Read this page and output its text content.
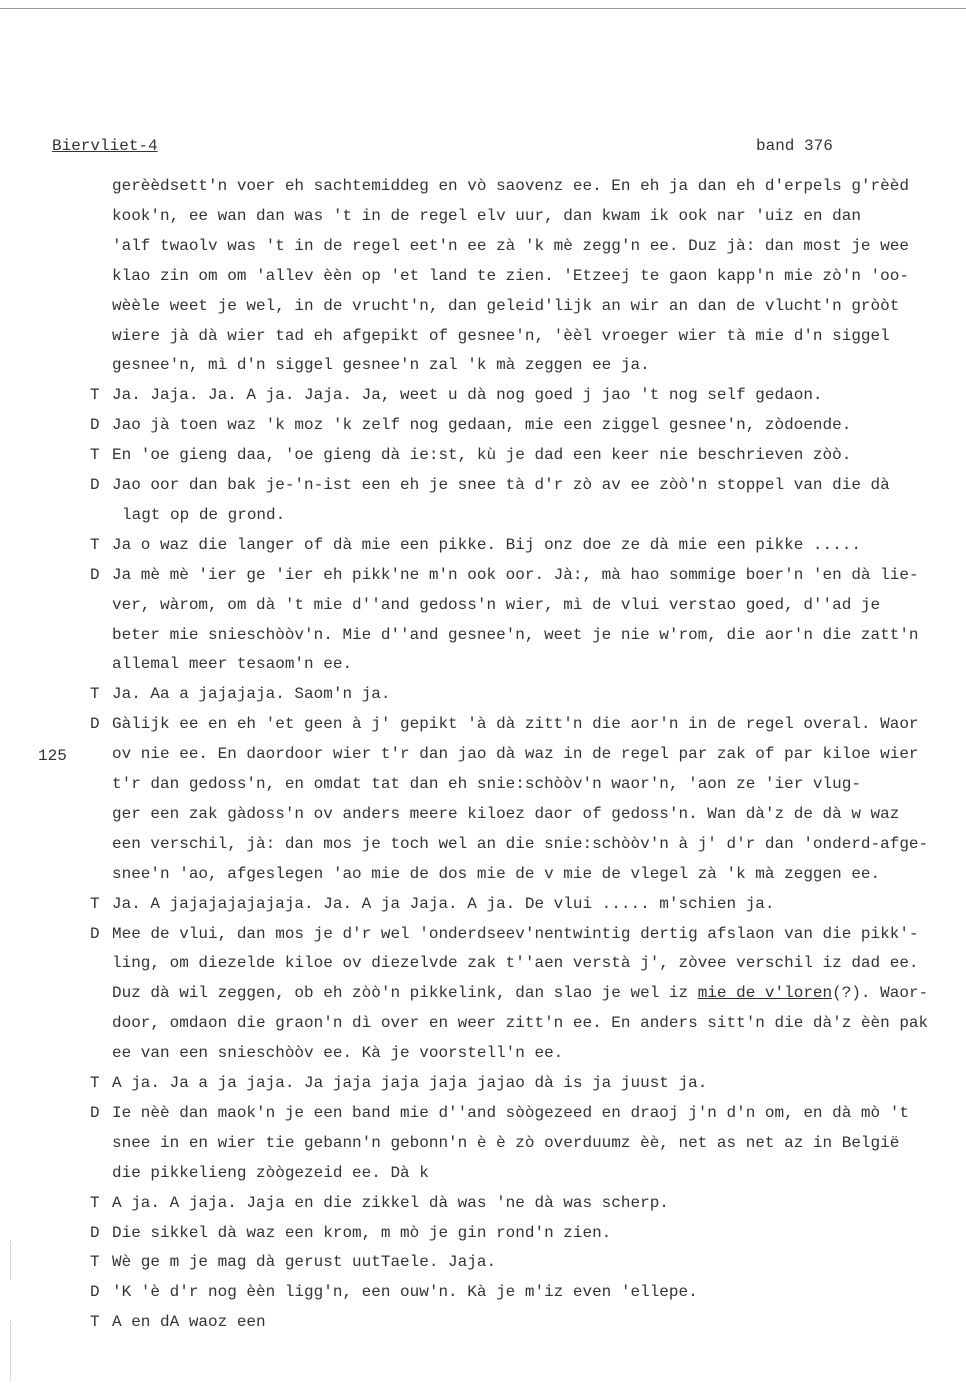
Biervliet-4	band 376
125
gerèèdsett'n voer eh sachtemiddeg en vò saovenz ee. En eh ja dan eh d'erpels g'rèèd
kook'n, ee wan dan was 't in de regel elv uur, dan kwam ik ook nar 'uiz en dan
'alf twaolv was 't in de regel eet'n ee zà 'k mè zegg'n ee. Duz jà: dan most je wee
klao zin om om 'allev èèn op 'et land te zien. 'Etzeej te gaon kapp'n mie zò'n 'oo-
wèèle weet je wel, in de vrucht'n, dan geleid'lijk an wir an dan de vlucht'n gròòt
wiere jà dà wier tad eh afgepikt of gesnee'n, 'èèl vroeger wier tà mie d'n siggel
gesnee'n, mì d'n siggel gesnee'n zal 'k mà zeggen ee ja.
T Ja. Jaja. Ja. A ja. Jaja. Ja, weet u dà nog goed j jao 't nog self gedaon.
D Jao jà toen waz 'k moz 'k zelf nog gedaan, mie een ziggel gesnee'n, zòdoende.
T En 'oe gieng daa, 'oe gieng dà ie:st, kù je dad een keer nie beschrieven zòò.
D Jao oor dan bak je-'n-ist een eh je snee tà d'r zò av ee zòò'n stoppel van die dà
lagt op de grond.
T Ja o waz die langer of dà mie een pikke. Bij onz doe ze dà mie een pikke .....
D Ja mè mè 'ier ge 'ier eh pikk'ne m'n ook oor. Jà:, mà hao sommige boer'n 'en dà lie-
ver, wàrom, om dà 't mie d''and gedoss'n wier, mì de vlui verstao goed, d''ad je
beter mie snieschòòv'n. Mie d''and gesnee'n, weet je nie w'rom, die aor'n die zatt'n
allemal meer tesaom'n ee.
T Ja. Aa a jajajaja. Saom'n ja.
D Gàlijk ee en eh 'et geen à j' gepikt 'à dà zitt'n die aor'n in de regel overal. Waor
ov nie ee. En daordoor wier t'r dan jao dà waz in de regel par zak of par kiloe wier
t'r dan gedoss'n, en omdat tat dan eh snie:schòòv'n waor'n, 'aon ze 'ier vlug-
ger een zak gàdoss'n ov anders meere kiloez daor of gedoss'n. Wan dà'z de dà w waz
een verschil, jà: dan mos je toch wel an die snie:schòòv'n à j' d'r dan 'onderd-afge-
snee'n 'ao, afgeslegen 'ao mie de dos mie de v mie de vlegel zà 'k mà zeggen ee.
T Ja. A jajajajajajaja. Ja. A ja Jaja. A ja. De vlui ..... m'schien ja.
D Mee de vlui, dan mos je d'r wel 'onderdseev'nentwintig dertig afslaon van die pikk'-
ling, om diezelde kiloe ov diezelvde zak t''aen verstà j', zòvee verschil iz dad ee.
Duz dà wil zeggen, ob eh zòò'n pikkelink, dan slao je wel iz mie de v'loren(?). Waor-
door, omdaon die graon'n dì over en weer zitt'n ee. En anders sitt'n die dà'z èèn pak
ee van een snieschòòv ee. Kà je voorstell'n ee.
T A ja. Ja a ja jaja. Ja jaja jaja jaja jajao dà is ja juust ja.
D Ie nèè dan maok'n je een band mie d''and sòògezeed en draoj j'n d'n om, en dà mò 't
snee in en wier tie gebann'n gebonn'n è è zò overduumz èè, net as net az in België
die pikkelieng zòògezeid ee. Dà k
T A ja. A jaja. Jaja en die zikkel dà was 'ne dà was scherp.
D Die sikkel dà waz een krom, m mò je gin rond'n zien.
T Wè ge m je mag dà gerust uutTaele. Jaja.
D 'K 'è d'r nog èèn ligg'n, een ouw'n. Kà je m'iz even 'ellepe.
T A en dA waoz een
